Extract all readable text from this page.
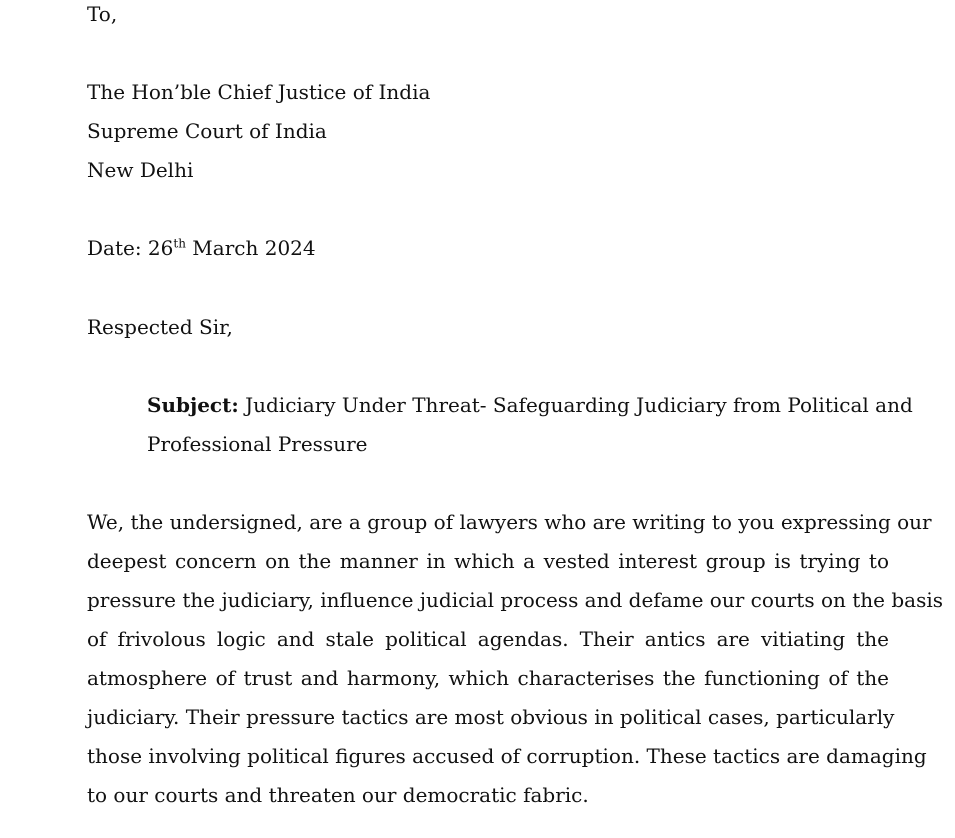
To,
The Hon’ble Chief Justice of India
Supreme Court of India
New Delhi
Date: 26th March 2024
Respected Sir,
Subject: Judiciary Under Threat- Safeguarding Judiciary from Political and
Professional Pressure
We, the undersigned, are a group of lawyers who are writing to you expressing our
deepest concern on the manner in which a vested interest group is trying to
pressure the judiciary, influence judicial process and defame our courts on the basis
of frivolous logic and stale political agendas. Their antics are vitiating the
atmosphere of trust and harmony, which characterises the functioning of the
judiciary. Their pressure tactics are most obvious in political cases, particularly
those involving political figures accused of corruption. These tactics are damaging
to our courts and threaten our democratic fabric.
